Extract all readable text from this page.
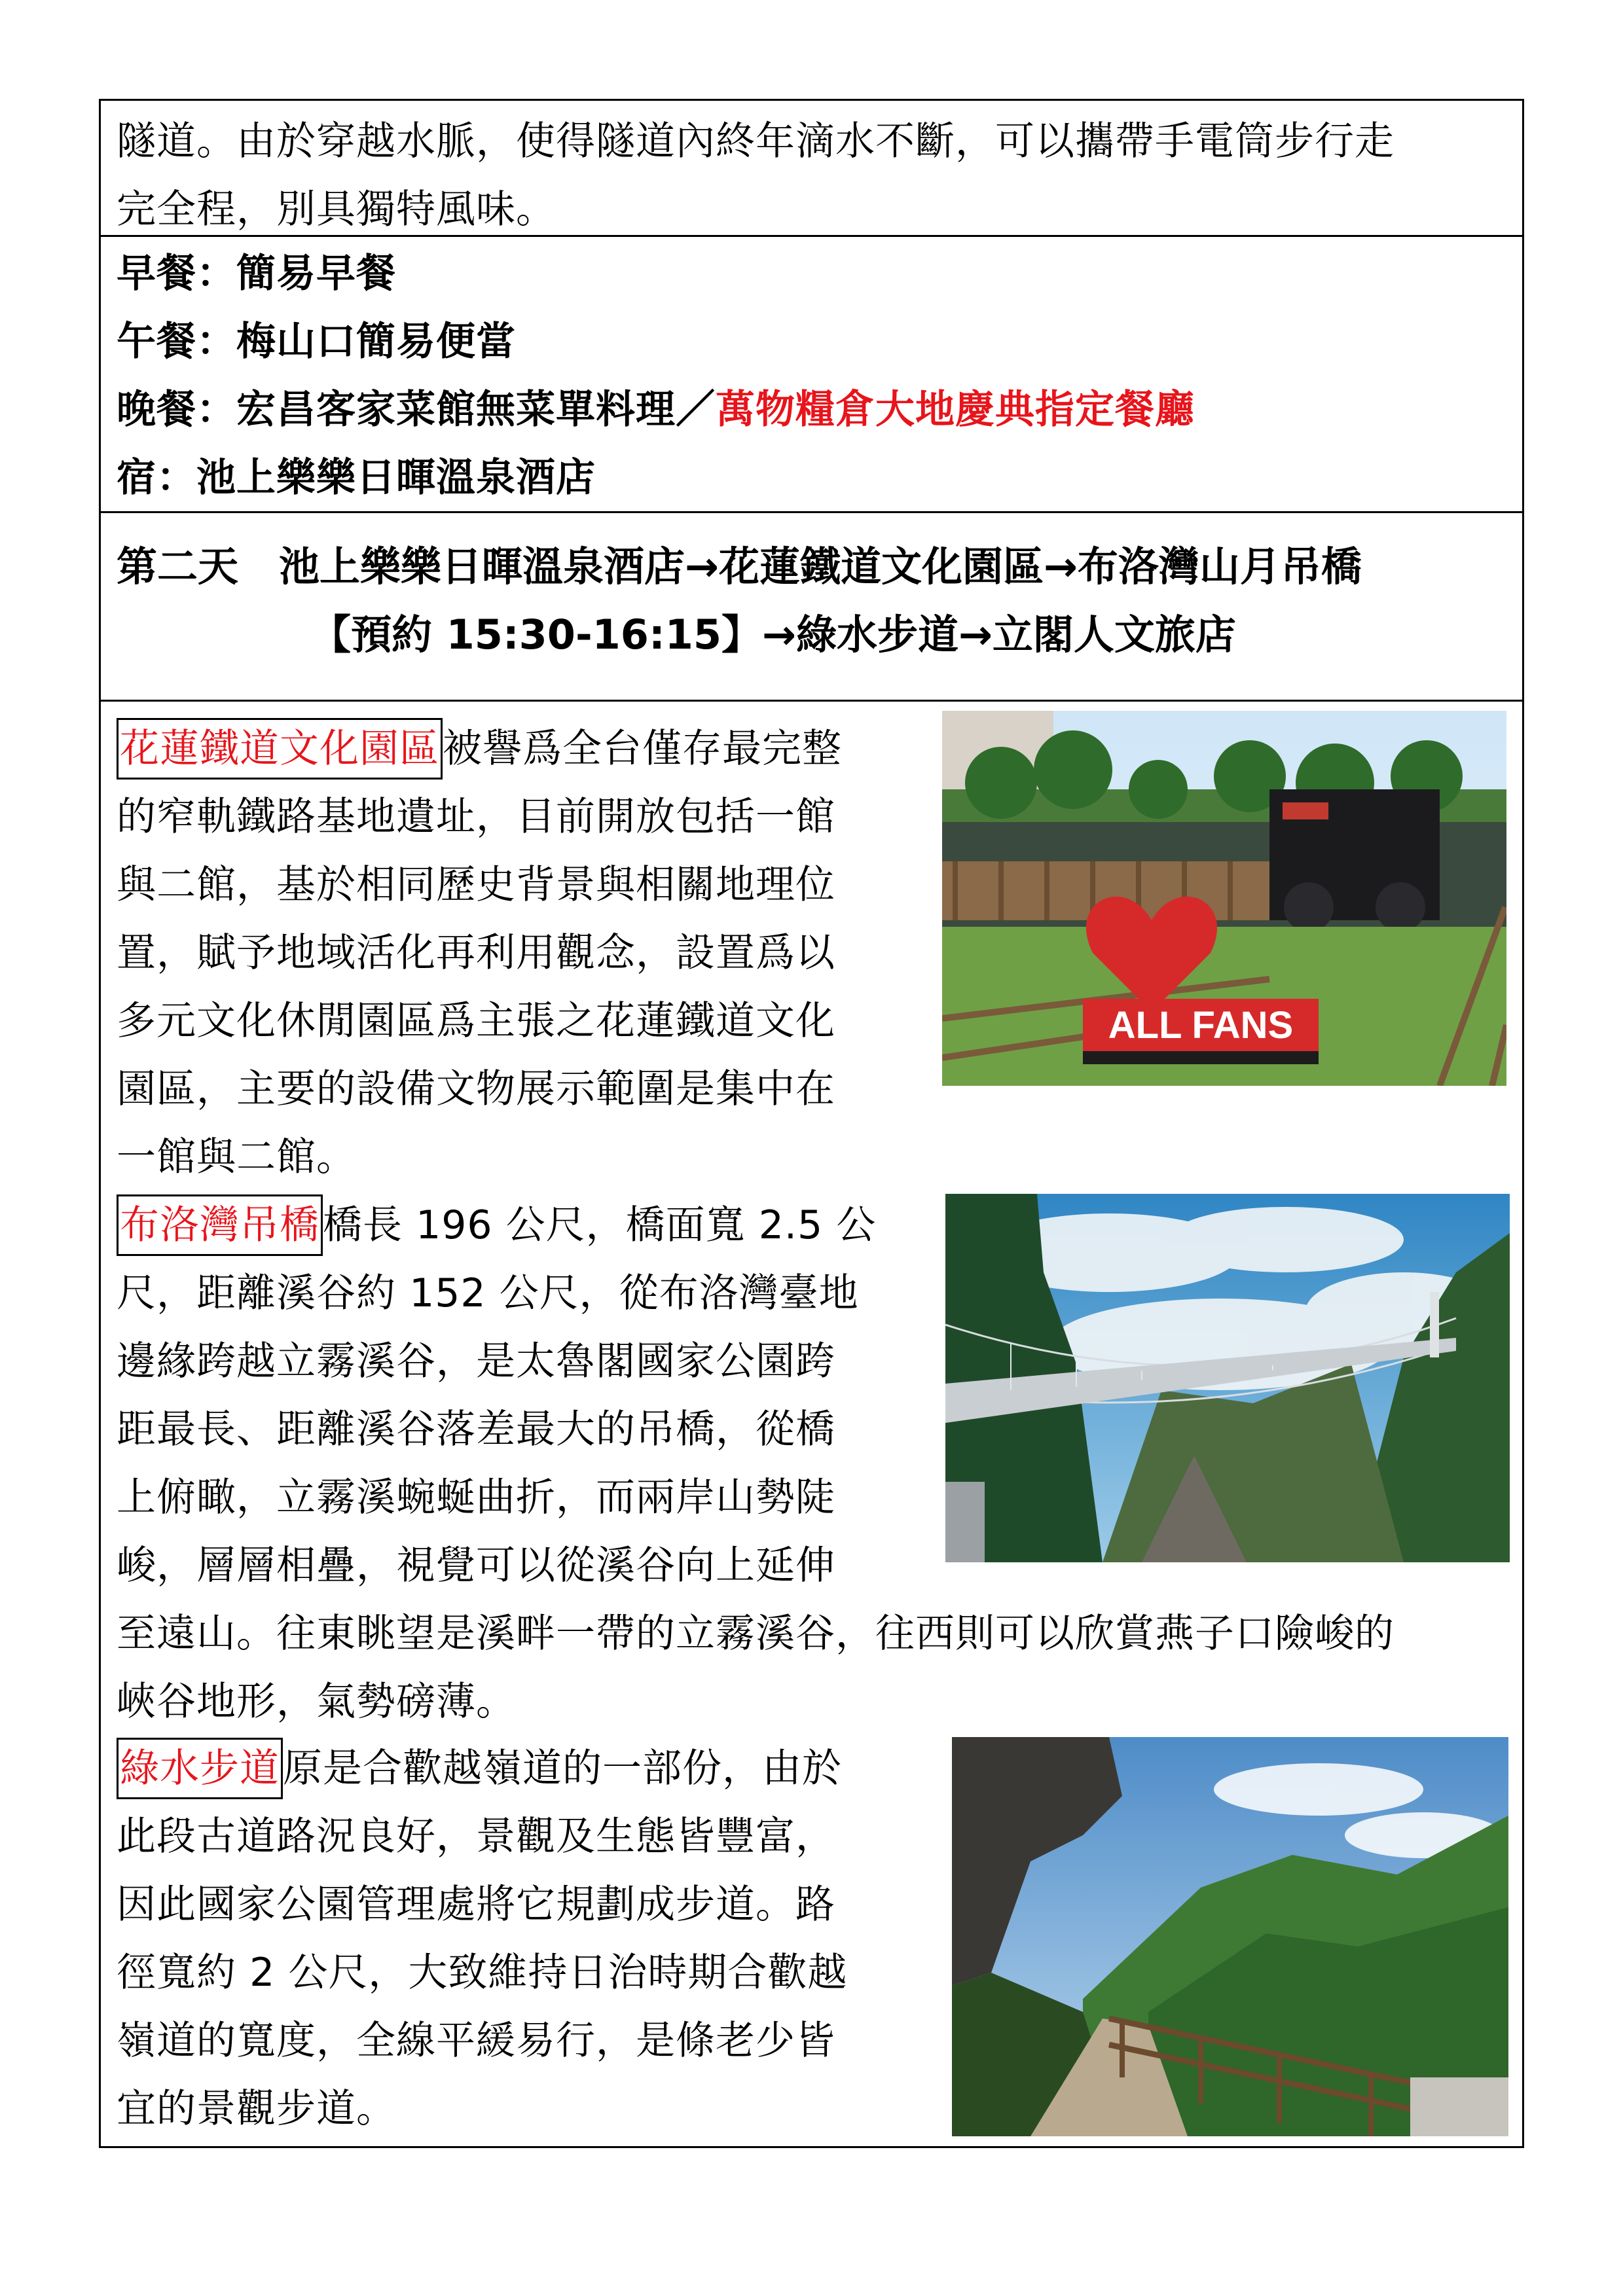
隧道。由於穿越水脈，使得隧道內終年滴水不斷，可以攜帶手電筒步行走
完全程，別具獨特風味。
早餐：簡易早餐
午餐：梅山口簡易便當
晚餐：宏昌客家菜館無菜單料理／萬物糧倉大地慶典指定餐廳
宿：池上樂樂日暉溫泉酒店
第二天　池上樂樂日暉溫泉酒店→花蓮鐵道文化園區→布洛灣山月吊橋
【預約 15:30-16:15】→綠水步道→立閣人文旅店
花蓮鐵道文化園區被譽爲全台僅存最完整
的窄軌鐵路基地遺址，目前開放包括一館
與二館，基於相同歷史背景與相關地理位
置，賦予地域活化再利用觀念，設置爲以
多元文化休閒園區爲主張之花蓮鐵道文化
園區，主要的設備文物展示範圍是集中在
一館與二館。
ALL FANS
布洛灣吊橋橋長 196 公尺，橋面寬 2.5 公
尺，距離溪谷約 152 公尺，從布洛灣臺地
邊緣跨越立霧溪谷，是太魯閣國家公園跨
距最長、距離溪谷落差最大的吊橋，從橋
上俯瞰，立霧溪蜿蜒曲折，而兩岸山勢陡
峻，層層相疊，視覺可以從溪谷向上延伸
至遠山。往東眺望是溪畔一帶的立霧溪谷，往西則可以欣賞燕子口險峻的
峽谷地形，氣勢磅薄。
綠水步道原是合歡越嶺道的一部份，由於
此段古道路況良好，景觀及生態皆豐富，
因此國家公園管理處將它規劃成步道。路
徑寬約 2 公尺，大致維持日治時期合歡越
嶺道的寬度，全線平緩易行，是條老少皆
宜的景觀步道。
